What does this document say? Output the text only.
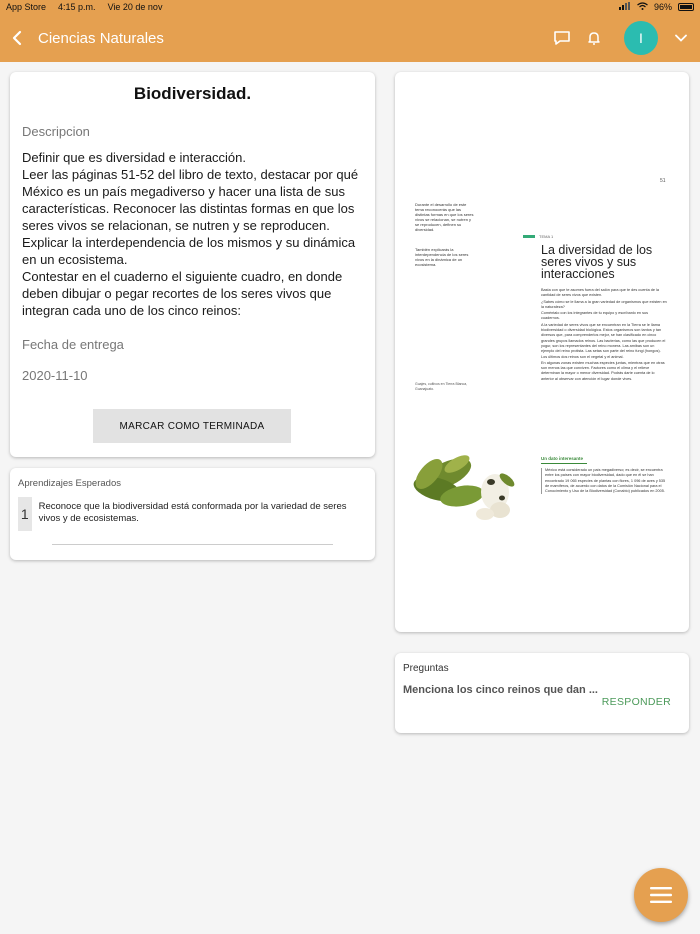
App Store 4:15 p.m. Vie 20 de nov	96%
Ciencias Naturales	I
Biodiversidad.
Descripcion

Definir que es diversidad e interacción.

Leer las páginas 51-52 del libro de texto, destacar por qué México es un país megadiverso y hacer una lista de sus características. Reconocer las distintas formas en que los seres vivos se relacionan, se nutren y se reproducen.

Explicar la interdependencia de los mismos y su dinámica en un ecosistema.

Contestar en el cuaderno el siguiente cuadro, en donde deben dibujar o pegar recortes de los seres vivos que integran cada uno de los cinco reinos:

Fecha de entrega
2020-11-10
MARCAR COMO TERMINADA
Aprendizajes Esperados
1	Reconoce que la biodiversidad está conformada por la variedad de seres vivos y de ecosistemas.
51
Durante el desarrollo de este tema reconocerás que las distintas formas en que los seres vivos se relacionan, se nutren y se reproducen, definen su diversidad.
También explicarás la interdependencia de los seres vivos en la dinámica de un ecosistema.
TEMA 1
La diversidad de los seres vivos y sus interacciones

Basta con que te asomes fuera del salón para que te des cuenta de la cantidad de seres vivos que existen.

¿Sabes cómo se le llama a la gran variedad de organismos que existen en la naturaleza?

Coméntalo con los integrantes de tu equipo y escríbanlo en sus cuadernos.

A la variedad de seres vivos que se encuentran en la Tierra se le llama biodiversidad o diversidad biológica. Estos organismos son tantos y tan diversos que, para comprenderlos mejor, se han clasificado en cinco grandes grupos llamados reinos. Las bacterias, como las que producen el yogur, son los representantes del reino monera. Las amibas son un ejemplo del reino protista. Las setas son parte del reino fungi (hongos). Los últimos dos reinos son el vegetal y el animal.

En algunas zonas existen muchas especies juntas, mientras que en otras son menos las que conviven. Factores como el clima y el relieve determinan la mayor o menor diversidad. Podrás darte cuenta de lo anterior al observar con atención el lugar donde vives.

Guajes, cultivos en Tierra Blanca, Guanajuato.
Un dato interesante
México está considerado un país megadiverso; es decir, se encuentra entre los países con mayor biodiversidad, dado que en él se han encontrado 19 065 especies de plantas con flores, 1 096 de aves y 535 de mamíferos, de acuerdo con datos de la Comisión Nacional para el Conocimiento y Uso de la Biodiversidad (Conabio) publicados en 2005.
Preguntas
Menciona los cinco reinos que dan ...
RESPONDER
